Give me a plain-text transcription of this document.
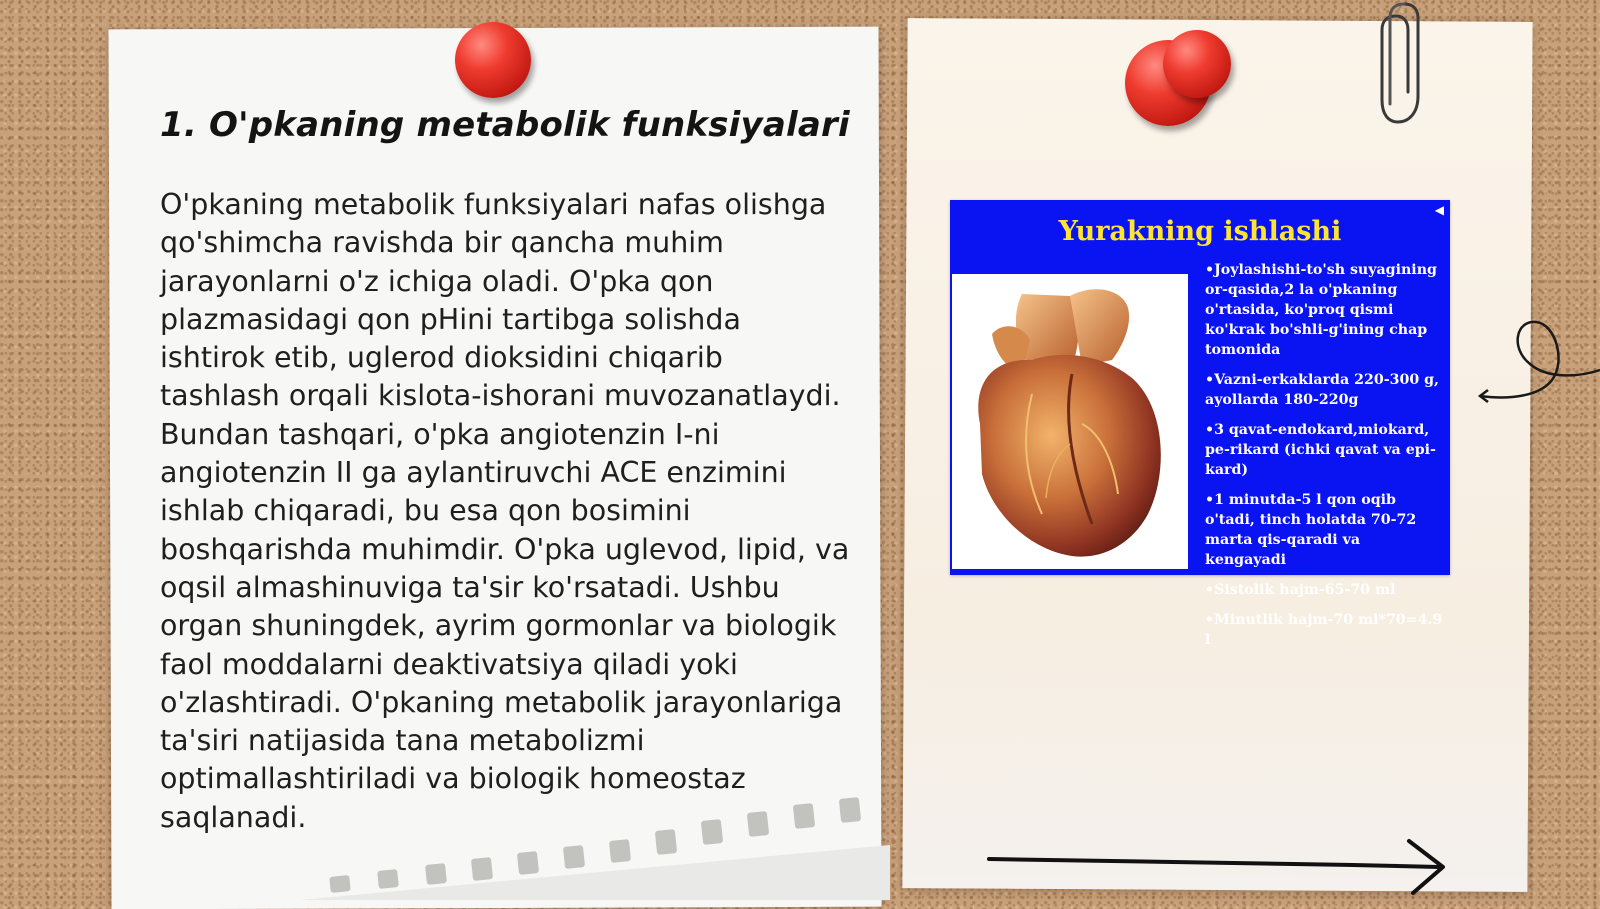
1. O'pkaning metabolik funksiyalari

O'pkaning metabolik funksiyalari nafas olishga qo'shimcha ravishda bir qancha muhim jarayonlarni o'z ichiga oladi. O'pka qon plazmasidagi qon pHini tartibga solishda ishtirok etib, uglerod dioksidini chiqarib tashlash orqali kislota-ishorani muvozanatlaydi. Bundan tashqari, o'pka angiotenzin I-ni angiotenzin II ga aylantiruvchi ACE enzimini ishlab chiqaradi, bu esa qon bosimini boshqarishda muhimdir. O'pka uglevod, lipid, va oqsil almashinuviga ta'sir ko'rsatadi. Ushbu organ shuningdek, ayrim gormonlar va biologik faol moddalarni deaktivatsiya qiladi yoki o'zlashtiradi. O'pkaning metabolik jarayonlariga ta'siri natijasida tana metabolizmi optimallashtiriladi va biologik homeostaz saqlanadi.

Yurakning ishlashi
◀
•Joylashishi-to'sh suyagining or-qasida,2 la o'pkaning o'rtasida, ko'proq qismi ko'krak bo'shli-g'ining chap tomonida
•Vazni-erkaklarda 220-300 g, ayollarda 180-220g
•3 qavat-endokard,miokard, pe-rikard (ichki qavat va epi-kard)
•1 minutda-5 l qon oqib o'tadi, tinch holatda 70-72 marta qis-qaradi va kengayadi
•Sistolik hajm-65-70 ml
•Minutlik hajm-70 ml*70=4.9 l
